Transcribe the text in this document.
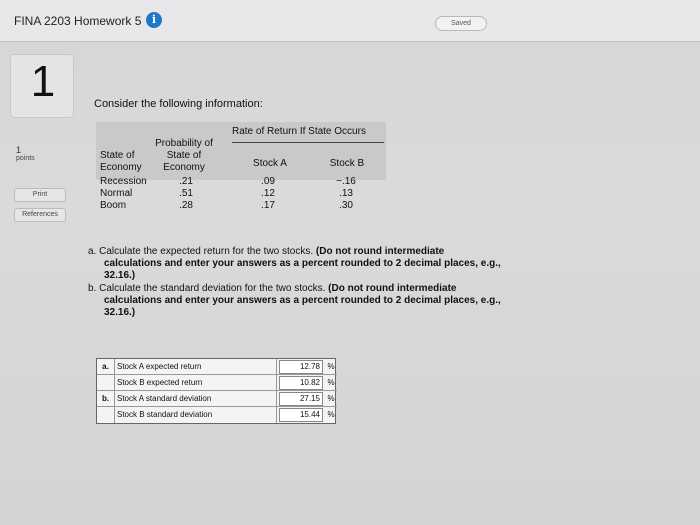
FINA 2203 Homework 5 i	Saved
1
1
points
Print
References
Consider the following information:
Rate of Return If State Occurs
Probability of
State of	State of
Economy	Economy	Stock A	Stock B
Recession	.21	.09	−.16
Normal	.51	.12	.13
Boom	.28	.17	.30
a. Calculate the expected return for the two stocks. (Do not round intermediate
calculations and enter your answers as a percent rounded to 2 decimal places, e.g.,
32.16.)
b. Calculate the standard deviation for the two stocks. (Do not round intermediate
calculations and enter your answers as a percent rounded to 2 decimal places, e.g.,
32.16.)
a.	Stock A expected return	12.78 %
Stock B expected return	10.82 %
b. Stock A standard deviation	27.15 %
Stock B standard deviation	15.44 %
